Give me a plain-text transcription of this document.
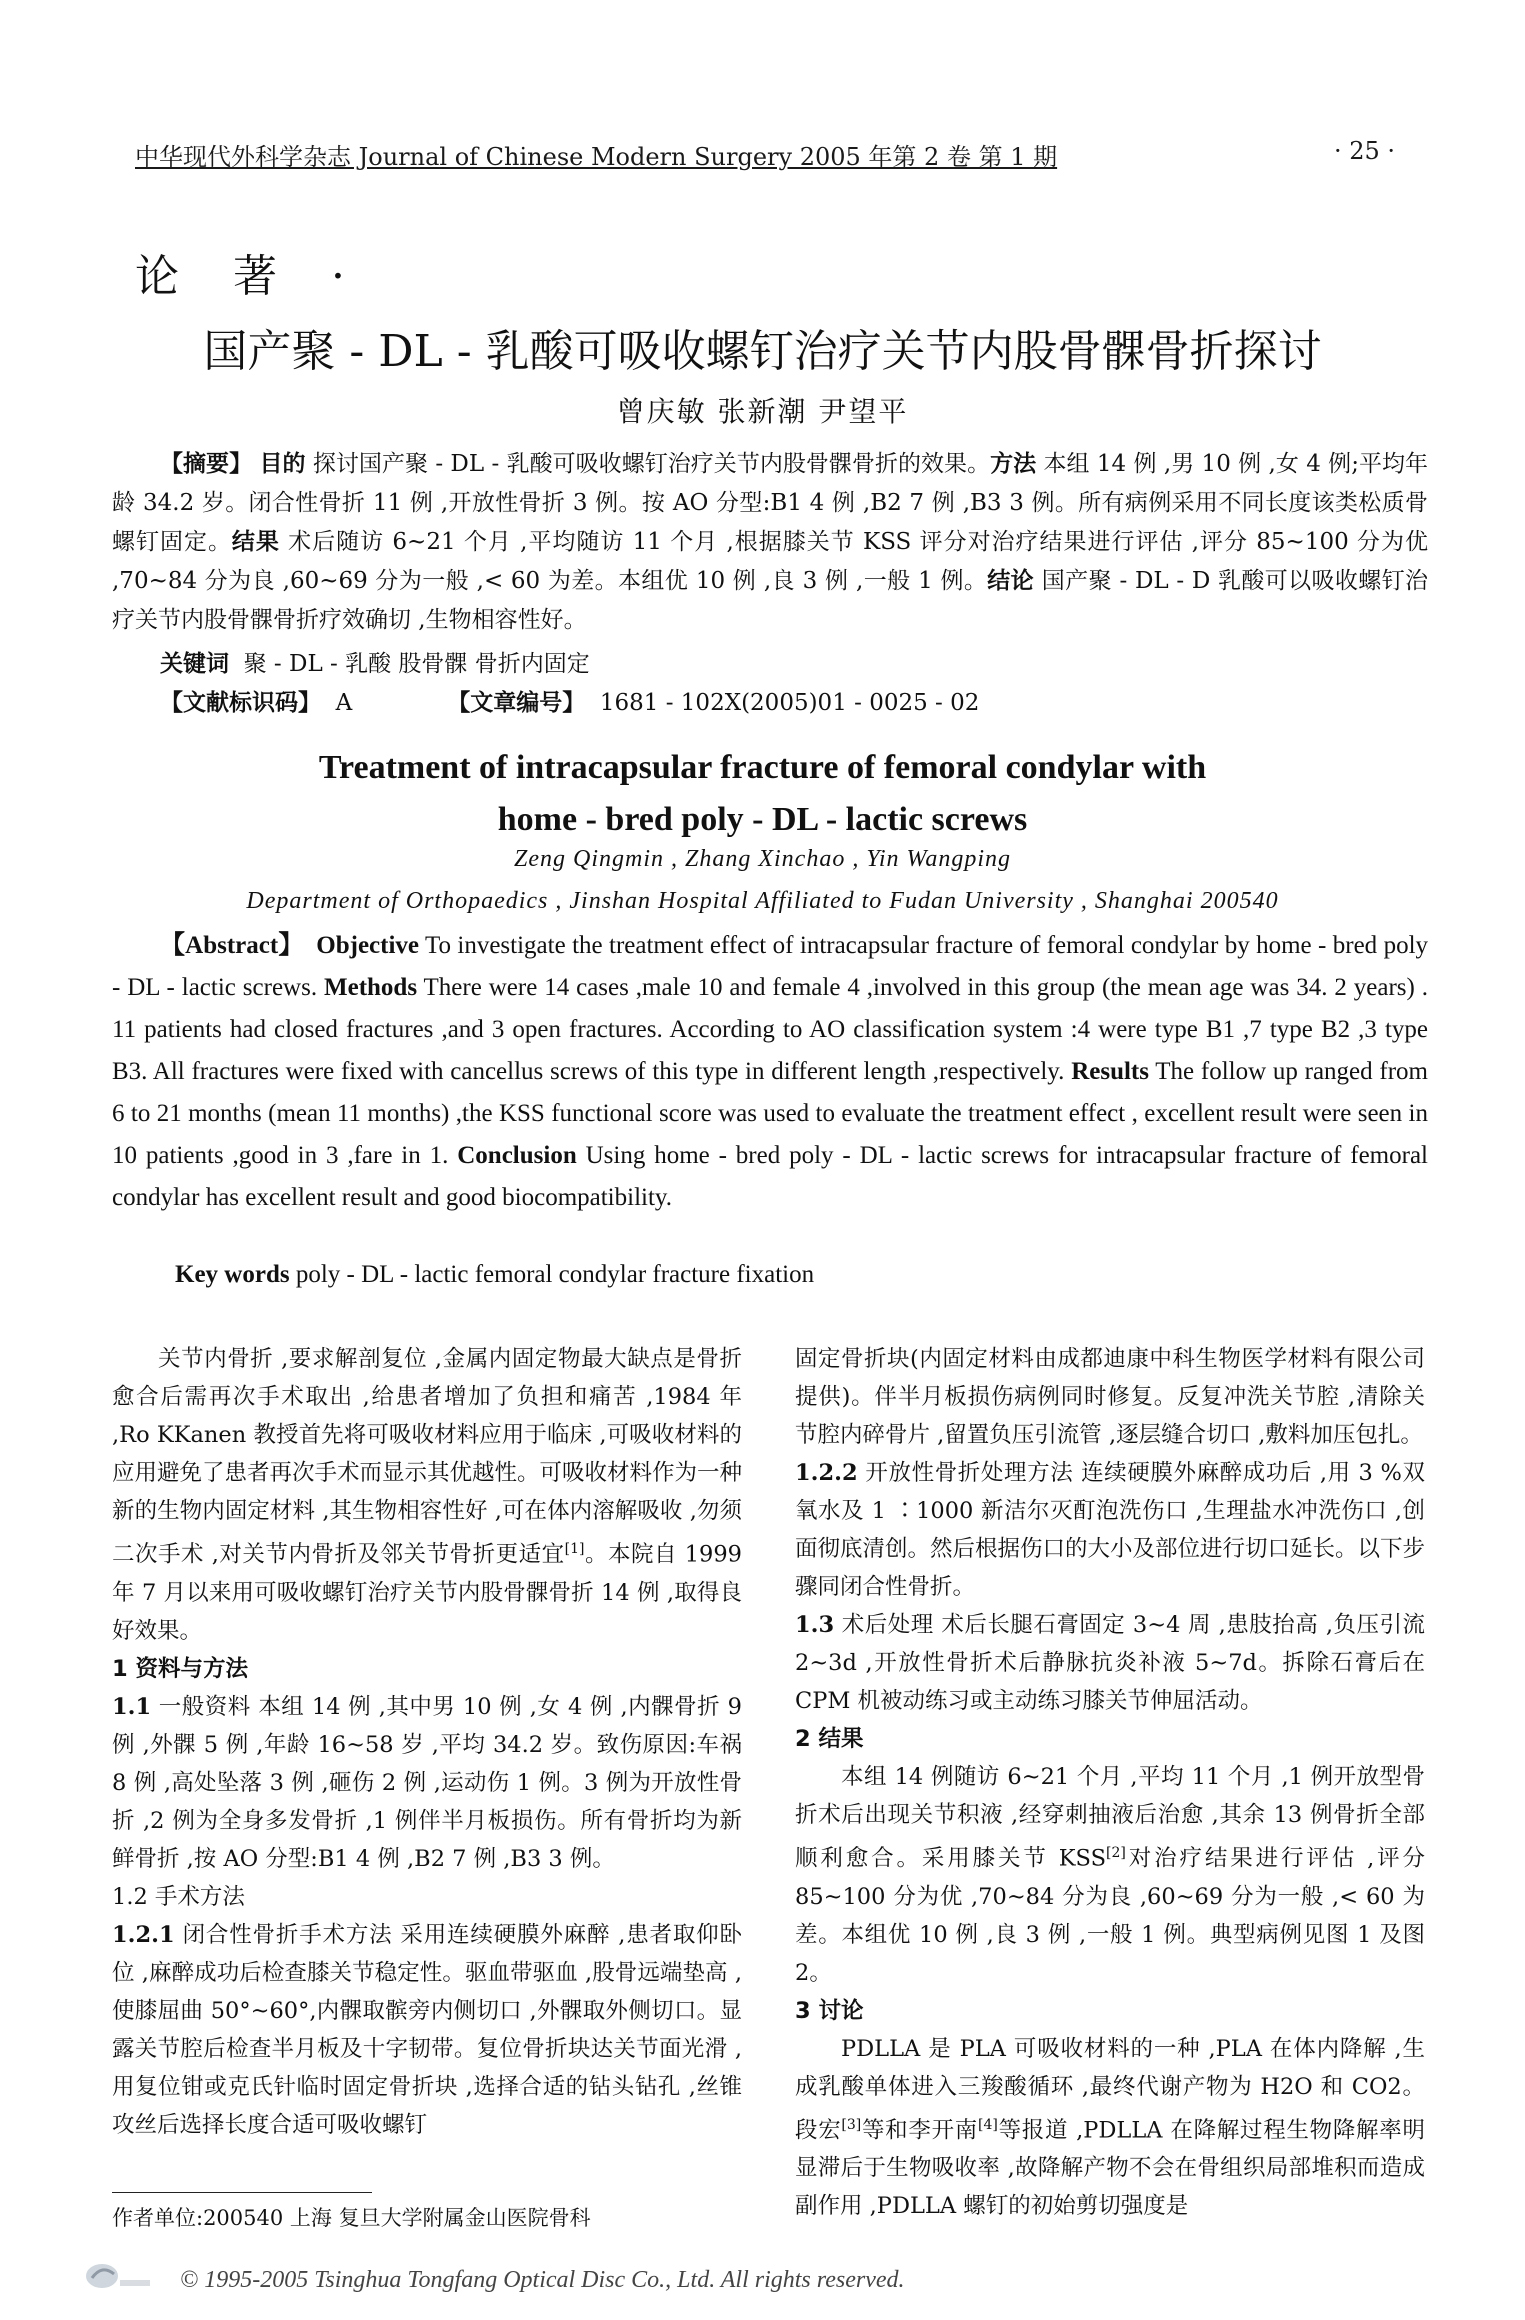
中华现代外科学杂志 Journal of Chinese Modern Surgery 2005 年第 2 卷 第 1 期	· 25 ·
论 著 ·
国产聚 - DL - 乳酸可吸收螺钉治疗关节内股骨髁骨折探讨
曾庆敏 张新潮 尹望平
【摘要】 目的 探讨国产聚 - DL - 乳酸可吸收螺钉治疗关节内股骨髁骨折的效果。方法 本组 14 例 ,男 10 例 ,女 4 例;平均年龄 34.2 岁。闭合性骨折 11 例 ,开放性骨折 3 例。按 AO 分型:B1 4 例 ,B2 7 例 ,B3 3 例。所有病例采用不同长度该类松质骨螺钉固定。结果 术后随访 6~21 个月 ,平均随访 11 个月 ,根据膝关节 KSS 评分对治疗结果进行评估 ,评分 85~100 分为优 ,70~84 分为良 ,60~69 分为一般 ,< 60 为差。本组优 10 例 ,良 3 例 ,一般 1 例。结论 国产聚 - DL - D 乳酸可以吸收螺钉治疗关节内股骨髁骨折疗效确切 ,生物相容性好。
关键词 聚 - DL - 乳酸 股骨髁 骨折内固定
【文献标识码】 A	【文章编号】 1681 - 102X(2005)01 - 0025 - 02
Treatment of intracapsular fracture of femoral condylar with
home - bred poly - DL - lactic screws
Zeng Qingmin , Zhang Xinchao , Yin Wangping
Department of Orthopaedics , Jinshan Hospital Affiliated to Fudan University , Shanghai 200540
【Abstract】 Objective To investigate the treatment effect of intracapsular fracture of femoral condylar by home - bred poly - DL - lactic screws. Methods There were 14 cases ,male 10 and female 4 ,involved in this group (the mean age was 34. 2 years) . 11 patients had closed fractures ,and 3 open fractures. According to AO classification system :4 were type B1 ,7 type B2 ,3 type B3. All fractures were fixed with cancellus screws of this type in different length ,respectively. Results The follow up ranged from 6 to 21 months (mean 11 months) ,the KSS functional score was used to evaluate the treatment effect , excellent result were seen in 10 patients ,good in 3 ,fare in 1. Conclusion Using home - bred poly - DL - lactic screws for intracapsular fracture of femoral condylar has excellent result and good biocompatibility.
Key words poly - DL - lactic femoral condylar fracture fixation

关节内骨折 ,要求解剖复位 ,金属内固定物最大缺点是骨折愈合后需再次手术取出 ,给患者增加了负担和痛苦 ,1984 年 ,Ro KKanen 教授首先将可吸收材料应用于临床 ,可吸收材料的应用避免了患者再次手术而显示其优越性。可吸收材料作为一种新的生物内固定材料 ,其生物相容性好 ,可在体内溶解吸收 ,勿须二次手术 ,对关节内骨折及邻关节骨折更适宜[1]。本院自 1999 年 7 月以来用可吸收螺钉治疗关节内股骨髁骨折 14 例 ,取得良好效果。

1 资料与方法

1.1 一般资料 本组 14 例 ,其中男 10 例 ,女 4 例 ,内髁骨折 9 例 ,外髁 5 例 ,年龄 16~58 岁 ,平均 34.2 岁。致伤原因:车祸 8 例 ,高处坠落 3 例 ,砸伤 2 例 ,运动伤 1 例。3 例为开放性骨折 ,2 例为全身多发骨折 ,1 例伴半月板损伤。所有骨折均为新鲜骨折 ,按 AO 分型:B1 4 例 ,B2 7 例 ,B3 3 例。

1.2 手术方法

1.2.1 闭合性骨折手术方法 采用连续硬膜外麻醉 ,患者取仰卧位 ,麻醉成功后检查膝关节稳定性。驱血带驱血 ,股骨远端垫高 ,使膝屈曲 50°~60°,内髁取髌旁内侧切口 ,外髁取外侧切口。显露关节腔后检查半月板及十字韧带。复位骨折块达关节面光滑 ,用复位钳或克氏针临时固定骨折块 ,选择合适的钻头钻孔 ,丝锥攻丝后选择长度合适可吸收螺钉

固定骨折块(内固定材料由成都迪康中科生物医学材料有限公司提供)。伴半月板损伤病例同时修复。反复冲洗关节腔 ,清除关节腔内碎骨片 ,留置负压引流管 ,逐层缝合切口 ,敷料加压包扎。

1.2.2 开放性骨折处理方法 连续硬膜外麻醉成功后 ,用 3 %双氧水及 1 ∶1000 新洁尔灭酊泡洗伤口 ,生理盐水冲洗伤口 ,创面彻底清创。然后根据伤口的大小及部位进行切口延长。以下步骤同闭合性骨折。

1.3 术后处理 术后长腿石膏固定 3~4 周 ,患肢抬高 ,负压引流 2~3d ,开放性骨折术后静脉抗炎补液 5~7d。拆除石膏后在 CPM 机被动练习或主动练习膝关节伸屈活动。

2 结果

本组 14 例随访 6~21 个月 ,平均 11 个月 ,1 例开放型骨折术后出现关节积液 ,经穿刺抽液后治愈 ,其余 13 例骨折全部顺利愈合。采用膝关节 KSS[2]对治疗结果进行评估 ,评分 85~100 分为优 ,70~84 分为良 ,60~69 分为一般 ,< 60 为差。本组优 10 例 ,良 3 例 ,一般 1 例。典型病例见图 1 及图 2。

3 讨论

PDLLA 是 PLA 可吸收材料的一种 ,PLA 在体内降解 ,生成乳酸单体进入三羧酸循环 ,最终代谢产物为 H2O 和 CO2。段宏[3]等和李开南[4]等报道 ,PDLLA 在降解过程生物降解率明显滞后于生物吸收率 ,故降解产物不会在骨组织局部堆积而造成副作用 ,PDLLA 螺钉的初始剪切强度是

作者单位:200540 上海 复旦大学附属金山医院骨科
© 1995-2005 Tsinghua Tongfang Optical Disc Co., Ltd. All rights reserved.
